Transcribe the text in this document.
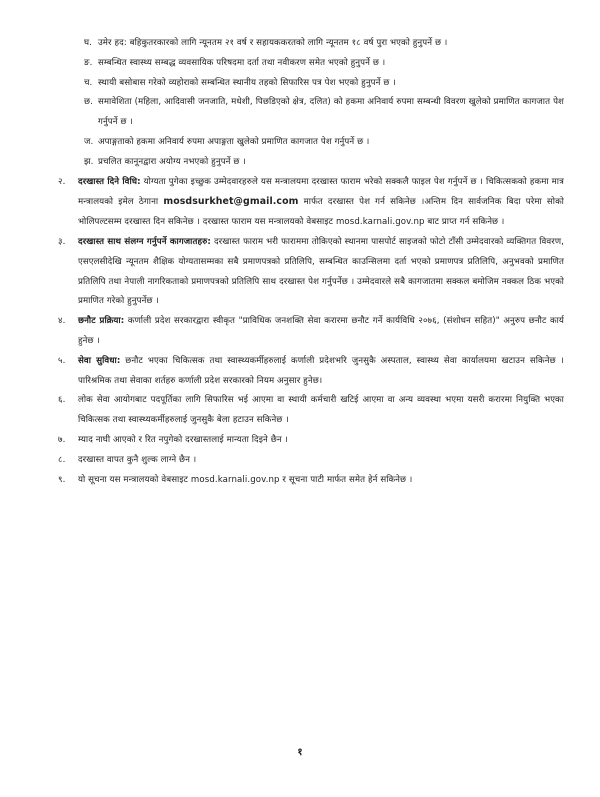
घ. उमेर हद: बहिकुतरकारको लागि न्यूनतम २१ वर्ष र सहायककरतको लागि न्यूनतम १८ वर्ष पुरा भएको हुनुपर्ने छ ।
ङ. सम्बन्धित स्वास्थ्य सम्बद्ध व्यवसायिक परिषदमा दर्ता तथा नवीकरण समेत भएको हुनुपर्ने छ ।
च. स्थायी बसोबास गरेको व्यहोराको सम्बन्धित स्थानीय तहको सिफारिस पत्र पेश भएको हुनुपर्ने छ ।
छ. समावेशिता (महिला, आदिवासी जनजाति, मधेशी, पिछडिएको क्षेत्र, दलित) को हकमा अनिवार्य रुपमा सम्बन्धी विवरण खुलेको प्रमाणित कागजात पेश गर्नुपर्ने छ ।
ज. अपाङ्गताको हकमा अनिवार्य रुपमा अपाङ्गता खुलेको प्रमाणित कागजात पेश गर्नुपर्ने छ ।
झ. प्रचलित कानूनद्वारा अयोग्य नभएको हुनुपर्ने छ ।
२.	दरखास्त दिने विधि: योग्यता पुगेका इच्छुक उम्मेदवारहरुले यस मन्त्रालयमा दरखास्त फाराम भरेको सक्कलै फाइल पेश गर्नुपर्ने छ । चिकित्सकको हकमा मात्र मन्त्रालयको इमेल ठेगाना mosdsurkhet@gmail.com मार्फत दरखास्त पेश गर्न सकिनेछ ।अन्तिम दिन सार्वजनिक बिदा परेमा सोको भोलिपल्टसम्म दरखास्त दिन सकिनेछ । दरखास्त फाराम यस मन्त्रालयको वेबसाइट mosd.karnali.gov.np बाट प्राप्त गर्न सकिनेछ ।
३.	दरखास्त साथ संलग्न गर्नुपर्ने कागजातहरु: दरखास्त फाराम भरी फाराममा तोकिएको स्थानमा पासपोर्ट साइजको फोटो टाँसी उम्मेदवारको व्यक्तिगत विवरण, एसएलसीदेखि न्यूनतम शैक्षिक योग्यतासम्मका सबै प्रमाणपत्रको प्रतिलिपि, सम्बन्धित काउन्सिलमा दर्ता भएको प्रमाणपत्र प्रतिलिपि, अनुभवको प्रमाणित प्रतिलिपि तथा नेपाली नागरिकताको प्रमाणपत्रको प्रतिलिपि साथ दरखास्त पेश गर्नुपर्नेछ । उम्मेदवारले सबै कागजातमा सक्कल बमोजिम नक्कल ठिक भएको प्रमाणित गरेको हुनुपर्नेछ ।
४.	छनौट प्रक्रिया: कर्णाली प्रदेश सरकारद्वारा स्वीकृत "प्राविधिक जनशक्ति सेवा करारमा छनौट गर्ने कार्यविधि २०७६, (संशोधन सहित)" अनुरुप छनौट कार्य हुनेछ ।
५.	सेवा सुविधा: छनौट भएका चिकित्सक तथा स्वास्थ्यकर्मीहरुलाई कर्णाली प्रदेशभरि जुनसुकै अस्पताल, स्वास्थ्य सेवा कार्यालयमा खटाउन सकिनेछ । पारिश्रमिक तथा सेवाका शर्तहरु कर्णाली प्रदेश सरकारको नियम अनुसार हुनेछ।
६.	लोक सेवा आयोगबाट पदपूर्तिका लागि सिफारिस भई आएमा वा स्थायी कर्मचारी खटिई आएमा वा अन्य व्यवस्था भएमा यसरी करारमा नियुक्ति भएका चिकित्सक तथा स्वास्थ्यकर्मीहरुलाई जुनसुकै बेला हटाउन सकिनेछ ।
७.	म्याद नाघी आएको र रित नपुगेको दरखास्तलाई मान्यता दिइने छैन ।
८.	दरखास्त वापत कुनै शुल्क लाग्ने छैन ।
९.	यो सूचना यस मन्त्रालयको वेबसाइट mosd.karnali.gov.np र सूचना पाटी मार्फत समेत हेर्न सकिनेछ ।
१
